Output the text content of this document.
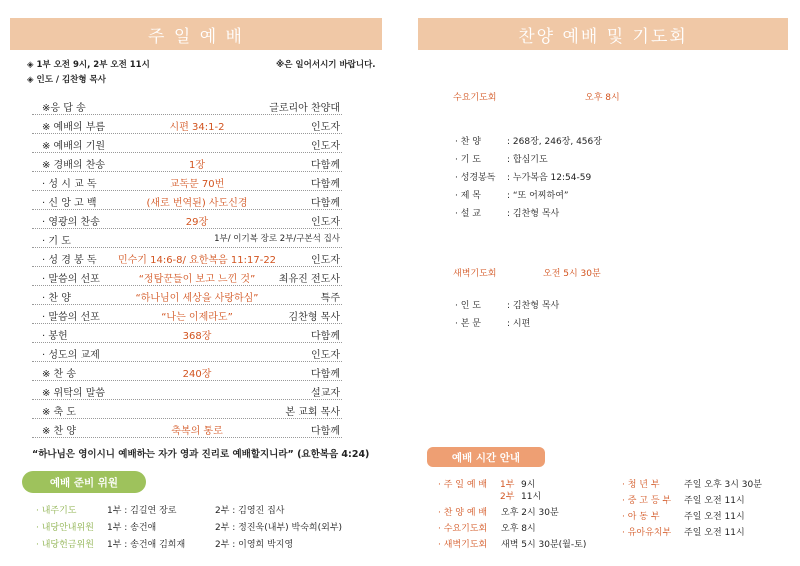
주 일 예 배
◈ 1부 오전 9시, 2부 오전 11시	※은 일어서시기 바랍니다.
◈ 인도 / 김찬형 목사
※응 답 송	글로리아 찬양대
※ 예배의 부름	시편 34:1-2	인도자
※ 예배의 기원	인도자
※ 경배의 찬송	1장	다함께
· 성 시 교 독	교독문 70번	다함께
· 신 앙 고 백	(새로 번역된) 사도신경	다함께
· 영광의 찬송	29장	인도자
· 기 도	1부/ 이기복 장로 2부/구본석 집사
· 성 경 봉 독	민수기 14:6-8/ 요한복음 11:17-22	인도자
· 말씀의 선포	“정탐꾼들이 보고 느낀 것”	최유진 전도사
· 찬 양	“하나님이 세상을 사랑하심”	특주
· 말씀의 선포	“나는 이제라도”	김찬형 목사
· 봉헌	368장	다함께
· 성도의 교제	인도자
※ 찬 송	240장	다함께
※ 위탁의 말씀	설교자
※ 축 도	본 교회 목사
※ 찬 양	축복의 통로	다함께
“하나님은 영이시니 예배하는 자가 영과 진리로 예배할지니라” (요한복음 4:24)
예배 준비 위원
· 내주기도	1부 : 김길연 장로	2부 : 김영진 집사
· 내당안내위원 1부 : 송건애	2부 : 정진욱(내부) 박숙희(외부)
· 내당헌금위원 1부 : 송건애 김희재	2부 : 이영희 박지영
찬양 예배 및 기도회
수요기도회	오후 8시
· 찬 양	: 268장, 246장, 456장
· 기 도	: 합심기도
· 성경봉독 : 누가복음 12:54-59
· 제 목	: “또 어찌하여”
· 설 교	: 김찬형 목사
새벽기도회	오전 5시 30분
· 인 도	: 김찬형 목사
· 본 문	: 시편
예배 시간 안내
· 주 일 예 배 1부 9시
2부 11시
· 찬 양 예 배 오후 2시 30분
· 수요기도회 오후 8시
· 새벽기도회 새벽 5시 30분(월-토)
· 청 년 부	주일 오후 3시 30분
· 중 고 등 부 주일 오전 11시
· 아 동 부	주일 오전 11시
· 유아유치부 주일 오전 11시
